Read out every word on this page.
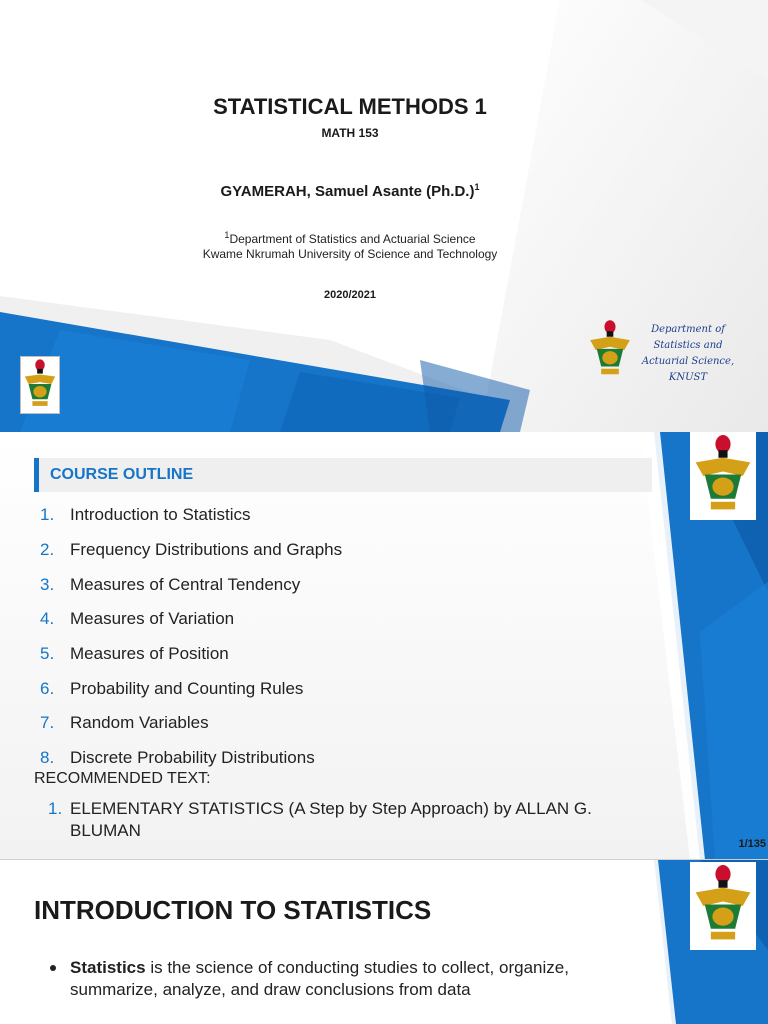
STATISTICAL METHODS 1
MATH 153
GYAMERAH, Samuel Asante $(Ph.D.)^1$
$^1$Department of Statistics and Actuarial Science
Kwame Nkrumah University of Science and Technology
2020/2021
Department of
Statistics and
Actuarial Science,
KNUST
COURSE OUTLINE
1. Introduction to Statistics
2. Frequency Distributions and Graphs
3. Measures of Central Tendency
4. Measures of Variation
5. Measures of Position
6. Probability and Counting Rules
7. Random Variables
8. Discrete Probability Distributions
RECOMMENDED TEXT:
1. ELEMENTARY STATISTICS (A Step by Step Approach) by ALLAN G. BLUMAN
1/135
INTRODUCTION TO STATISTICS
Statistics is the science of conducting studies to collect, organize, summarize, analyze, and draw conclusions from data
